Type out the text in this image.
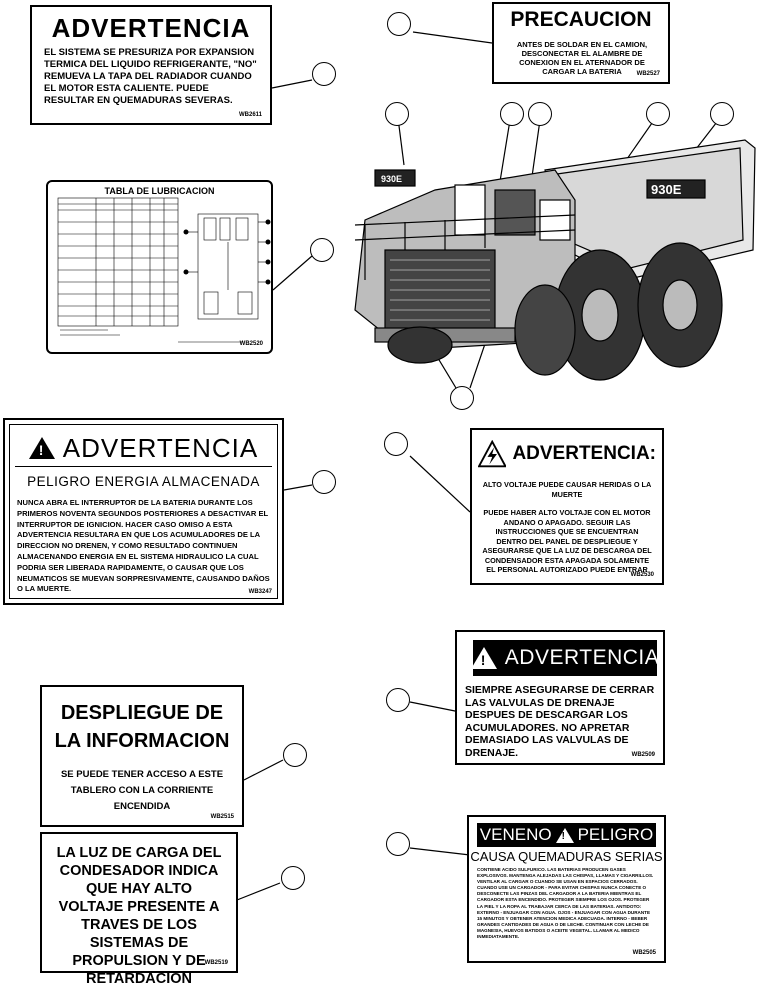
ADVERTENCIA
EL SISTEMA SE PRESURIZA POR EXPANSION TERMICA DEL LIQUIDO REFRIGERANTE, "NO" REMUEVA LA TAPA DEL RADIADOR CUANDO EL MOTOR ESTA CALIENTE. PUEDE RESULTAR EN QUEMADURAS SEVERAS.
WB2611
PRECAUCION
ANTES DE SOLDAR EN EL CAMION, DESCONECTAR EL ALAMBRE DE CONEXION EN EL ATERNADOR DE CARGAR LA BATERIA	WB2527
TABLA DE LUBRICACION
WB2520
930E
930E
! ADVERTENCIA
PELIGRO ENERGIA ALMACENADA
NUNCA ABRA EL INTERRUPTOR DE LA BATERIA DURANTE LOS PRIMEROS NOVENTA SEGUNDOS POSTERIORES A DESACTIVAR EL INTERRUPTOR DE IGNICION. HACER CASO OMISO A ESTA ADVERTENCIA RESULTARA EN QUE LOS ACUMULADORES DE LA DIRECCION NO DRENEN, Y COMO RESULTADO CONTINUEN ALMACENANDO ENERGIA EN EL SISTEMA HIDRAULICO LA CUAL PODRIA SER LIBERADA RAPIDAMENTE, O CAUSAR QUE LOS NEUMATICOS SE MUEVAN SORPRESIVAMENTE, CAUSANDO DAÑOS O LA MUERTE.	WB3247
ADVERTENCIA:
ALTO VOLTAJE PUEDE CAUSAR HERIDAS O LA MUERTE
PUEDE HABER ALTO VOLTAJE CON EL MOTOR ANDANO O APAGADO. SEGUIR LAS INSTRUCCIONES QUE SE ENCUENTRAN DENTRO DEL PANEL DE DESPLIEGUE Y ASEGURARSE QUE LA LUZ DE DESCARGA DEL CONDENSADOR ESTA APAGADA SOLAMENTE EL PERSONAL AUTORIZADO PUEDE ENTRAR
WB2530
! ADVERTENCIA
SIEMPRE ASEGURARSE DE CERRAR LAS VALVULAS DE DRENAJE DESPUES DE DESCARGAR LOS ACUMULADORES. NO APRETAR DEMASIADO LAS VALVULAS DE DRENAJE.	WB2509
DESPLIEGUE DE LA INFORMACION
SE PUEDE TENER ACCESO A ESTE TABLERO CON LA CORRIENTE ENCENDIDA
WB2515
LA LUZ DE CARGA DEL CONDESADOR INDICA QUE HAY ALTO VOLTAJE PRESENTE A TRAVES DE LOS SISTEMAS DE PROPULSION Y DE RETARDACION
WB2519
VENENO ! PELIGRO
CAUSA QUEMADURAS SERIAS
CONTIENE ACIDO SULFURICO. LAS BATERIAS PRODUCEN GASES EXPLOSIVOS. MANTENGA ALEJADAS LAS CHISPAS, LLAMAS Y CIGARRILLOS. VENTILAR AL CARGAR O CUANDO SE USAN EN ESPACIOS CERRADOS. CUANDO USE UN CARGADOR - PARA EVITAR CHISPAS NUNCA CONECTE O DESCONECTE LAS PINZAS DEL CARGADOR A LA BATERIA MIENTRAS EL CARGADOR ESTA ENCENDIDO. PROTEGER SIEMPRE LOS OJOS. PROTEGER LA PIEL Y LA ROPA AL TRABAJAR CERCA DE LAS BATERIAS. ANTIDOTO: EXTERNO - ENJUAGAR CON AGUA. OJOS - ENJUAGAR CON AGUA DURANTE 15 MINUTOS Y OBTENER ATENCION MEDICA ADECUADA. INTERNO - BEBER GRANDES CANTIDADES DE AGUA O DE LECHE. CONTINUAR CON LECHE DE MAGNESIA, HUEVOS BATIDOS O ACEITE VEGETAL. LLAMAR AL MEDICO INMEDIATAMENTE.
WB2505
